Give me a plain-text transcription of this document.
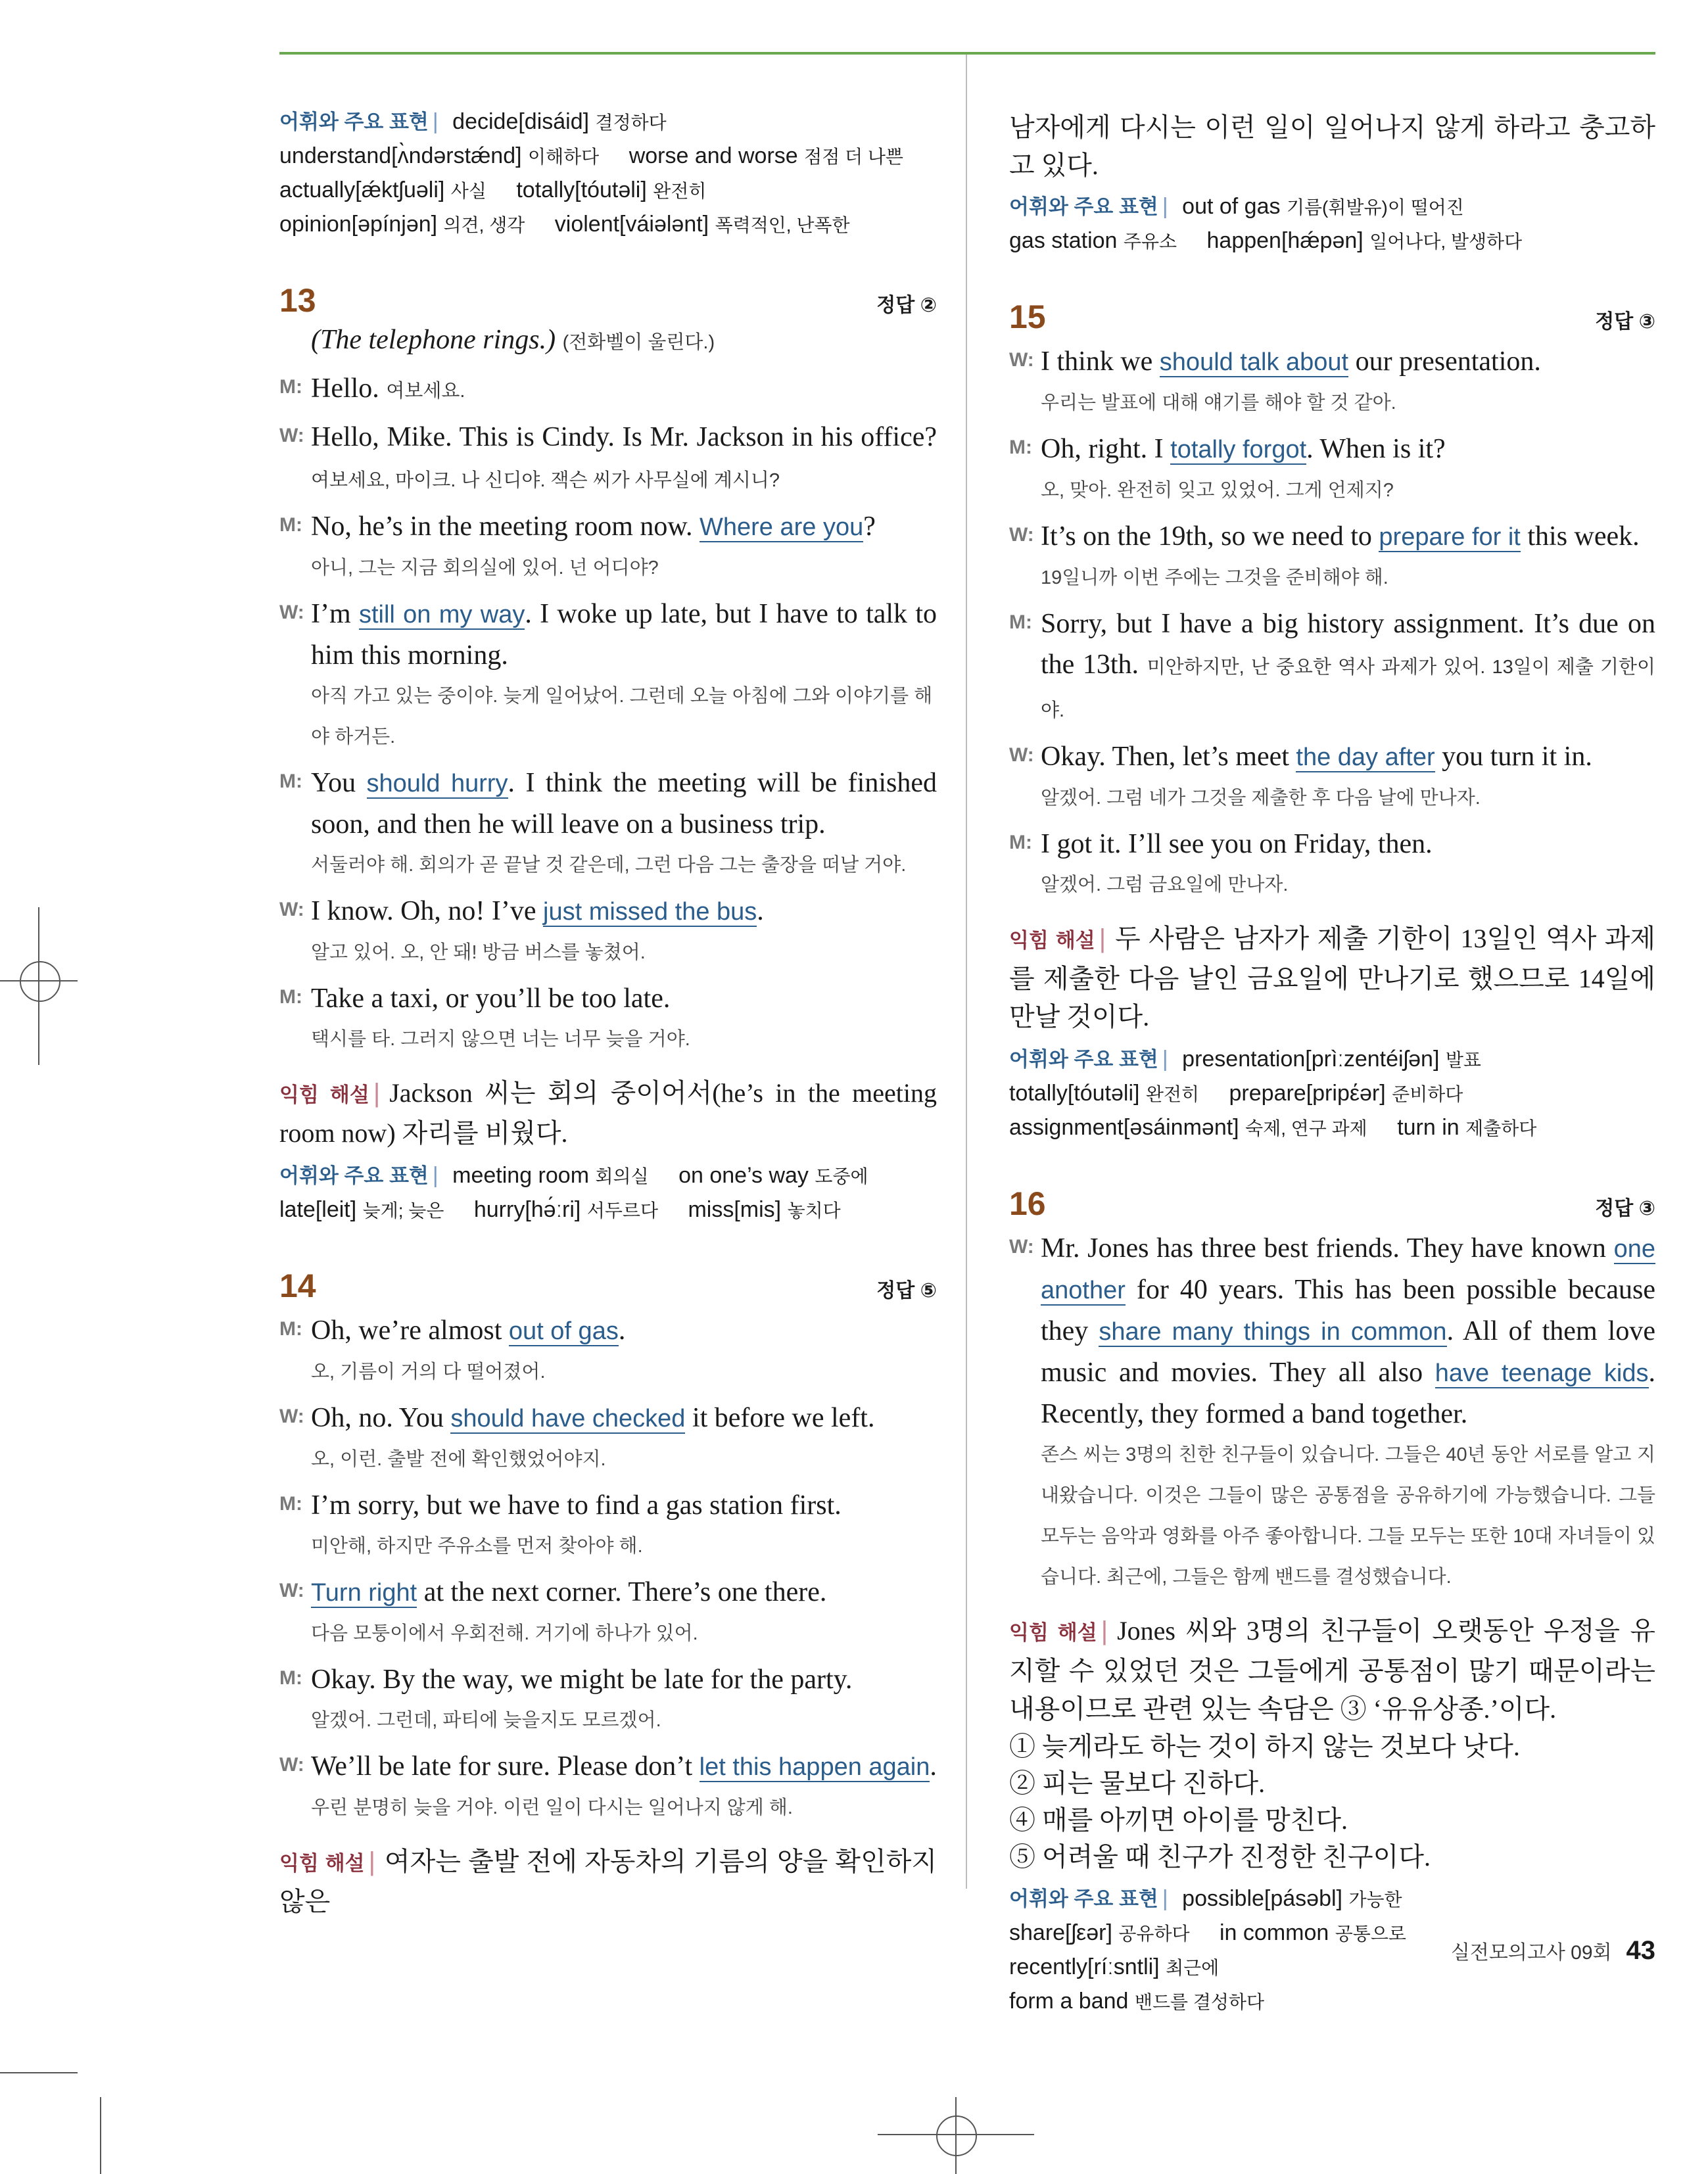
어휘와 주요 표현 | decide[disáid] 결정하다
understand[ʌ̀ndərstǽnd] 이해하다 worse and worse 점점 더 나쁜
actually[ǽktʃuəli] 사실 totally[tóutəli] 완전히
opinion[əpínjən] 의견, 생각 violent[váiələnt] 폭력적인, 난폭한
13	정답 ②
(The telephone rings.) (전화벨이 울린다.)
M: Hello. 여보세요.
W: Hello, Mike. This is Cindy. Is Mr. Jackson in his office? 여보세요, 마이크. 나 신디야. 잭슨 씨가 사무실에 계시니?
M: No, he’s in the meeting room now. Where are you?
아니, 그는 지금 회의실에 있어. 넌 어디야?
W: I’m still on my way. I woke up late, but I have to talk to him this morning.
아직 가고 있는 중이야. 늦게 일어났어. 그런데 오늘 아침에 그와 이야기를 해야 하거든.
M: You should hurry. I think the meeting will be finished soon, and then he will leave on a business trip.
서둘러야 해. 회의가 곧 끝날 것 같은데, 그런 다음 그는 출장을 떠날 거야.
W: I know. Oh, no! I’ve just missed the bus.
알고 있어. 오, 안 돼! 방금 버스를 놓쳤어.
M: Take a taxi, or you’ll be too late.
택시를 타. 그러지 않으면 너는 너무 늦을 거야.
익힘 해설 | Jackson 씨는 회의 중이어서(he’s in the meeting room now) 자리를 비웠다.
어휘와 주요 표현 | meeting room 회의실 on one’s way 도중에
late[leit] 늦게; 늦은 hurry[hə́ːri] 서두르다 miss[mis] 놓치다
14	정답 ⑤
M: Oh, we’re almost out of gas.
오, 기름이 거의 다 떨어졌어.
W: Oh, no. You should have checked it before we left.
오, 이런. 출발 전에 확인했었어야지.
M: I’m sorry, but we have to find a gas station first.
미안해, 하지만 주유소를 먼저 찾아야 해.
W: Turn right at the next corner. There’s one there.
다음 모퉁이에서 우회전해. 거기에 하나가 있어.
M: Okay. By the way, we might be late for the party.
알겠어. 그런데, 파티에 늦을지도 모르겠어.
W: We’ll be late for sure. Please don’t let this happen again.
우린 분명히 늦을 거야. 이런 일이 다시는 일어나지 않게 해.
익힘 해설 | 여자는 출발 전에 자동차의 기름의 양을 확인하지 않은
남자에게 다시는 이런 일이 일어나지 않게 하라고 충고하고 있다.
어휘와 주요 표현 | out of gas 기름(휘발유)이 떨어진
gas station 주유소 happen[hǽpən] 일어나다, 발생하다
15	정답 ③
W: I think we should talk about our presentation.
우리는 발표에 대해 얘기를 해야 할 것 같아.
M: Oh, right. I totally forgot. When is it?
오, 맞아. 완전히 잊고 있었어. 그게 언제지?
W: It’s on the 19th, so we need to prepare for it this week.
19일니까 이번 주에는 그것을 준비해야 해.
M: Sorry, but I have a big history assignment. It’s due on the 13th. 미안하지만, 난 중요한 역사 과제가 있어. 13일이 제출 기한이야.
W: Okay. Then, let’s meet the day after you turn it in.
알겠어. 그럼 네가 그것을 제출한 후 다음 날에 만나자.
M: I got it. I’ll see you on Friday, then.
알겠어. 그럼 금요일에 만나자.
익힘 해설 | 두 사람은 남자가 제출 기한이 13일인 역사 과제를 제출한 다음 날인 금요일에 만나기로 했으므로 14일에 만날 것이다.
어휘와 주요 표현 | presentation[prìːzentéiʃən] 발표
totally[tóutəli] 완전히 prepare[pripέər] 준비하다
assignment[əsáinmənt] 숙제, 연구 과제 turn in 제출하다
16	정답 ③
W: Mr. Jones has three best friends. They have known one another for 40 years. This has been possible because they share many things in common. All of them love music and movies. They all also have teenage kids. Recently, they formed a band together.
존스 씨는 3명의 친한 친구들이 있습니다. 그들은 40년 동안 서로를 알고 지내왔습니다. 이것은 그들이 많은 공통점을 공유하기에 가능했습니다. 그들 모두는 음악과 영화를 아주 좋아합니다. 그들 모두는 또한 10대 자녀들이 있습니다. 최근에, 그들은 함께 밴드를 결성했습니다.
익힘 해설 | Jones 씨와 3명의 친구들이 오랫동안 우정을 유지할 수 있었던 것은 그들에게 공통점이 많기 때문이라는 내용이므로 관련 있는 속담은 ③ ‘유유상종.’이다.
① 늦게라도 하는 것이 하지 않는 것보다 낫다.
② 피는 물보다 진하다.
④ 매를 아끼면 아이를 망친다.
⑤ 어려울 때 친구가 진정한 친구이다.
어휘와 주요 표현 | possible[pásəbl] 가능한
share[ʃεər] 공유하다 in common 공통으로
recently[ríːsntli] 최근에
form a band 밴드를 결성하다
실전모의고사 09회 43
